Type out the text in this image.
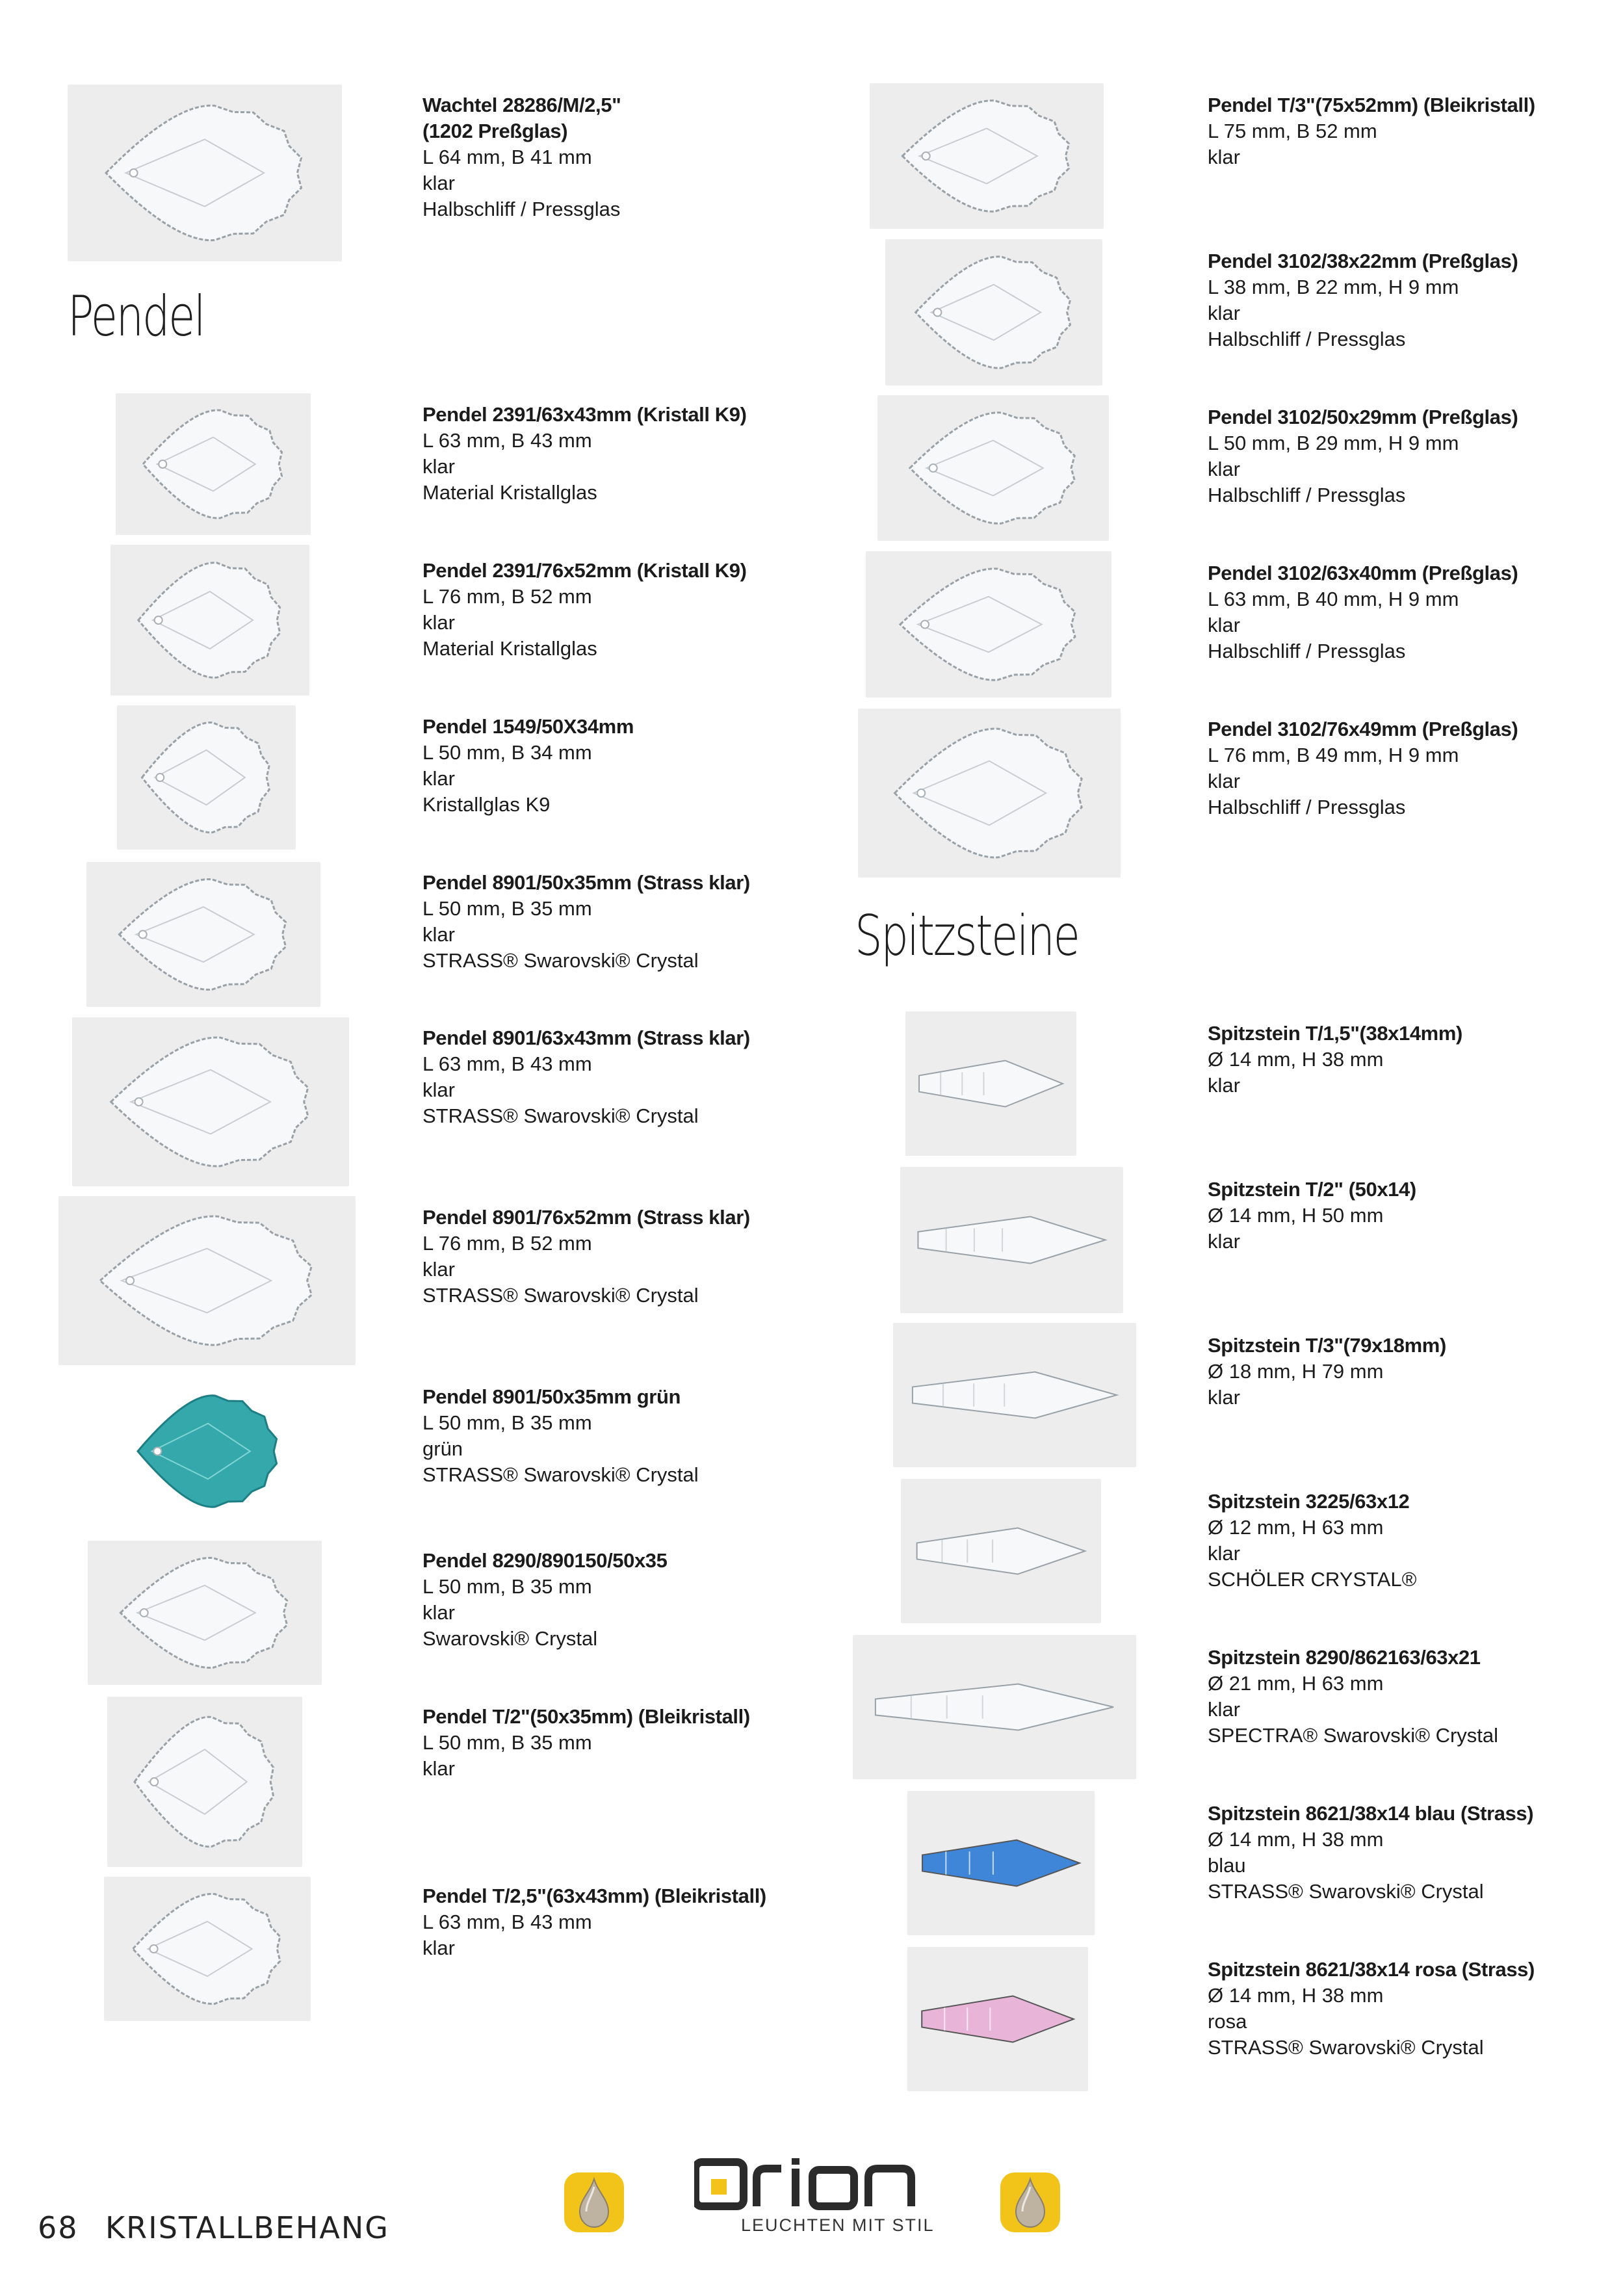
Pendel
Spitzsteine
Wachtel 28286/M/2,5"
(1202 Preßglas)
L 64 mm, B 41 mm
klar
Halbschliff / Pressglas
Pendel 2391/63x43mm (Kristall K9)
L 63 mm, B 43 mm
klar
Material Kristallglas
Pendel 2391/76x52mm (Kristall K9)
L 76 mm, B 52 mm
klar
Material Kristallglas
Pendel 1549/50X34mm
L 50 mm, B 34 mm
klar
Kristallglas K9
Pendel 8901/50x35mm (Strass klar)
L 50 mm, B 35 mm
klar
STRASS® Swarovski® Crystal
Pendel 8901/63x43mm (Strass klar)
L 63 mm, B 43 mm
klar
STRASS® Swarovski® Crystal
Pendel 8901/76x52mm (Strass klar)
L 76 mm, B 52 mm
klar
STRASS® Swarovski® Crystal
Pendel 8901/50x35mm grün
L 50 mm, B 35 mm
grün
STRASS® Swarovski® Crystal
Pendel 8290/890150/50x35
L 50 mm, B 35 mm
klar
Swarovski® Crystal
Pendel T/2"(50x35mm) (Bleikristall)
L 50 mm, B 35 mm
klar
Pendel T/2,5"(63x43mm) (Bleikristall)
L 63 mm, B 43 mm
klar
Pendel T/3"(75x52mm) (Bleikristall)
L 75 mm, B 52 mm
klar
Pendel 3102/38x22mm (Preßglas)
L 38 mm, B 22 mm, H 9 mm
klar
Halbschliff / Pressglas
Pendel 3102/50x29mm (Preßglas)
L 50 mm, B 29 mm, H 9 mm
klar
Halbschliff / Pressglas
Pendel 3102/63x40mm (Preßglas)
L 63 mm, B 40 mm, H 9 mm
klar
Halbschliff / Pressglas
Pendel 3102/76x49mm (Preßglas)
L 76 mm, B 49 mm, H 9 mm
klar
Halbschliff / Pressglas
Spitzstein T/1,5"(38x14mm)
Ø 14 mm, H 38 mm
klar
Spitzstein T/2" (50x14)
Ø 14 mm, H 50 mm
klar
Spitzstein T/3"(79x18mm)
Ø 18 mm, H 79 mm
klar
Spitzstein 3225/63x12
Ø 12 mm, H 63 mm
klar
SCHÖLER CRYSTAL®
Spitzstein 8290/862163/63x21
Ø 21 mm, H 63 mm
klar
SPECTRA® Swarovski® Crystal
Spitzstein 8621/38x14 blau (Strass)
Ø 14 mm, H 38 mm
blau
STRASS® Swarovski® Crystal
Spitzstein 8621/38x14 rosa (Strass)
Ø 14 mm, H 38 mm
rosa
STRASS® Swarovski® Crystal
68 KRISTALLBEHANG	LEUCHTEN MIT STIL
